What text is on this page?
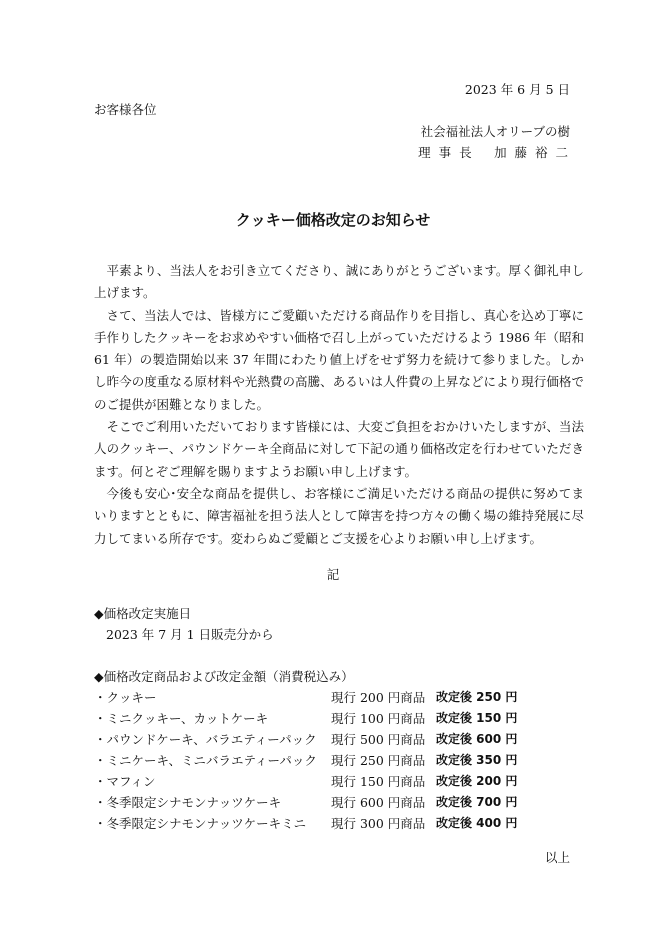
2023 年 6 月 5 日
お客様各位
社会福祉法人オリーブの樹
理 事 長　 加 藤 裕 二
クッキー価格改定のお知らせ

平素より、当法人をお引き立てくださり、誠にありがとうございます。厚く御礼申し上げます。

さて、当法人では、皆様方にご愛顧いただける商品作りを目指し、真心を込め丁寧に手作りしたクッキーをお求めやすい価格で召し上がっていただけるよう 1986 年（昭和 61 年）の製造開始以来 37 年間にわたり値上げをせず努力を続けて参りました。しかし昨今の度重なる原材料や光熱費の高騰、あるいは人件費の上昇などにより現行価格でのご提供が困難となりました。

そこでご利用いただいております皆様には、大変ご負担をおかけいたしますが、当法人のクッキー、パウンドケーキ全商品に対して下記の通り価格改定を行わせていただきます。何とぞご理解を賜りますようお願い申し上げます。

今後も安心･安全な商品を提供し、お客様にご満足いただける商品の提供に努めてまいりますとともに、障害福祉を担う法人として障害を持つ方々の働く場の維持発展に尽力してまいる所存です。変わらぬご愛顧とご支援を心よりお願い申し上げます。

記
◆価格改定実施日
2023 年 7 月 1 日販売分から
◆価格改定商品および改定金額（消費税込み）
・クッキー	現行 200 円商品 改定後 250 円
・ミニクッキー、カットケーキ	現行 100 円商品 改定後 150 円
・パウンドケーキ、バラエティーパック 現行 500 円商品 改定後 600 円
・ミニケーキ、ミニバラエティーパック 現行 250 円商品 改定後 350 円
・マフィン	現行 150 円商品 改定後 200 円
・冬季限定シナモンナッツケーキ	現行 600 円商品 改定後 700 円
・冬季限定シナモンナッツケーキミニ 現行 300 円商品 改定後 400 円
以上
